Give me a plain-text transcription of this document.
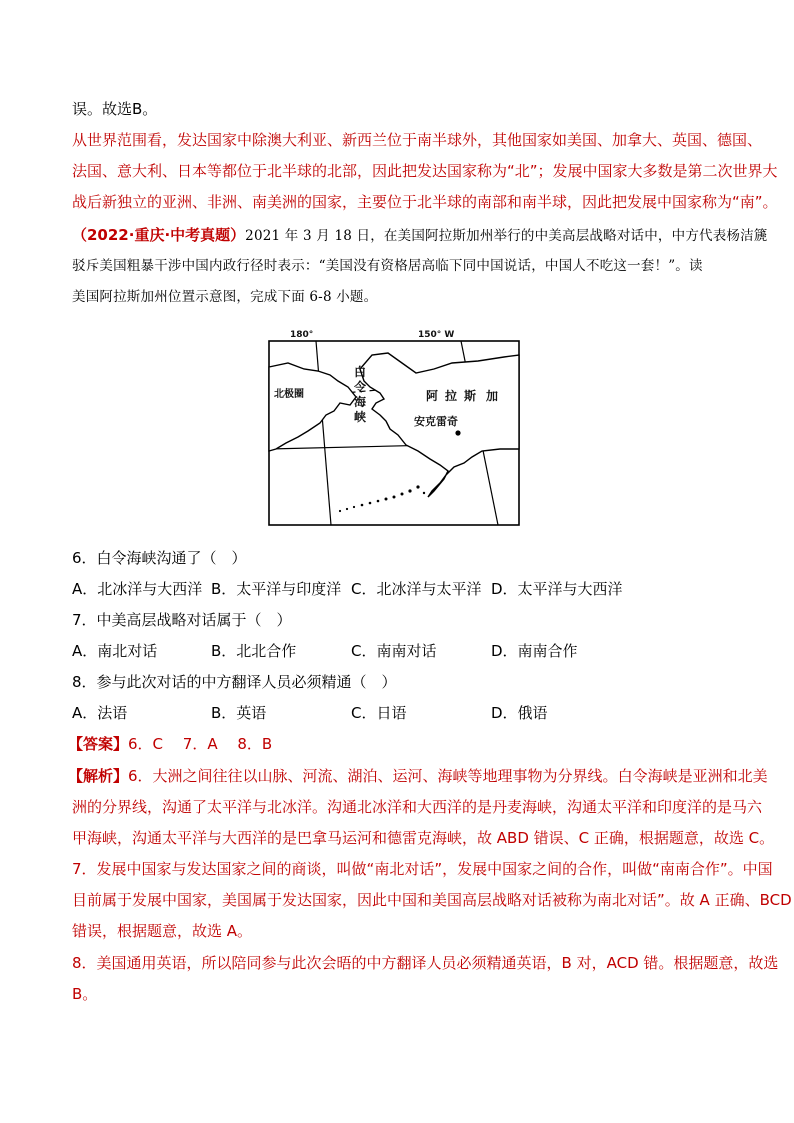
误。故选B。
从世界范围看，发达国家中除澳大利亚、新西兰位于南半球外，其他国家如美国、加拿大、英国、德国、
法国、意大利、日本等都位于北半球的北部，因此把发达国家称为“北”；发展中国家大多数是第二次世界大
战后新独立的亚洲、非洲、南美洲的国家，主要位于北半球的南部和南半球，因此把发展中国家称为“南”。
（2022·重庆·中考真题）2021 年 3 月 18 日，在美国阿拉斯加州举行的中美高层战略对话中，中方代表杨洁篪
驳斥美国粗暴干涉中国内政行径时表示：“美国没有资格居高临下同中国说话，中国人不吃这一套！”。读
美国阿拉斯加州位置示意图，完成下面 6-8 小题。
180°	150° W
北极圈
白
令
海
峡
阿 拉 斯 加
安克雷奇
6．白令海峡沟通了（　）
A．北冰洋与大西洋 B．太平洋与印度洋 C．北冰洋与太平洋 D．太平洋与大西洋
7．中美高层战略对话属于（　）
A．南北对话	B．北北合作	C．南南对话	D．南南合作
8．参与此次对话的中方翻译人员必须精通（　）
A．法语	B．英语	C．日语	D．俄语
【答案】6．C　 7．A　 8．B
【解析】6．大洲之间往往以山脉、河流、湖泊、运河、海峡等地理事物为分界线。白令海峡是亚洲和北美
洲的分界线，沟通了太平洋与北冰洋。沟通北冰洋和大西洋的是丹麦海峡，沟通太平洋和印度洋的是马六
甲海峡，沟通太平洋与大西洋的是巴拿马运河和德雷克海峡，故 ABD 错误、C 正确，根据题意，故选 C。
7．发展中国家与发达国家之间的商谈，叫做“南北对话”，发展中国家之间的合作，叫做“南南合作”。中国
目前属于发展中国家，美国属于发达国家，因此中国和美国高层战略对话被称为南北对话”。故 A 正确、BCD
错误，根据题意，故选 A。
8．美国通用英语，所以陪同参与此次会晤的中方翻译人员必须精通英语，B 对，ACD 错。根据题意，故选
B。
